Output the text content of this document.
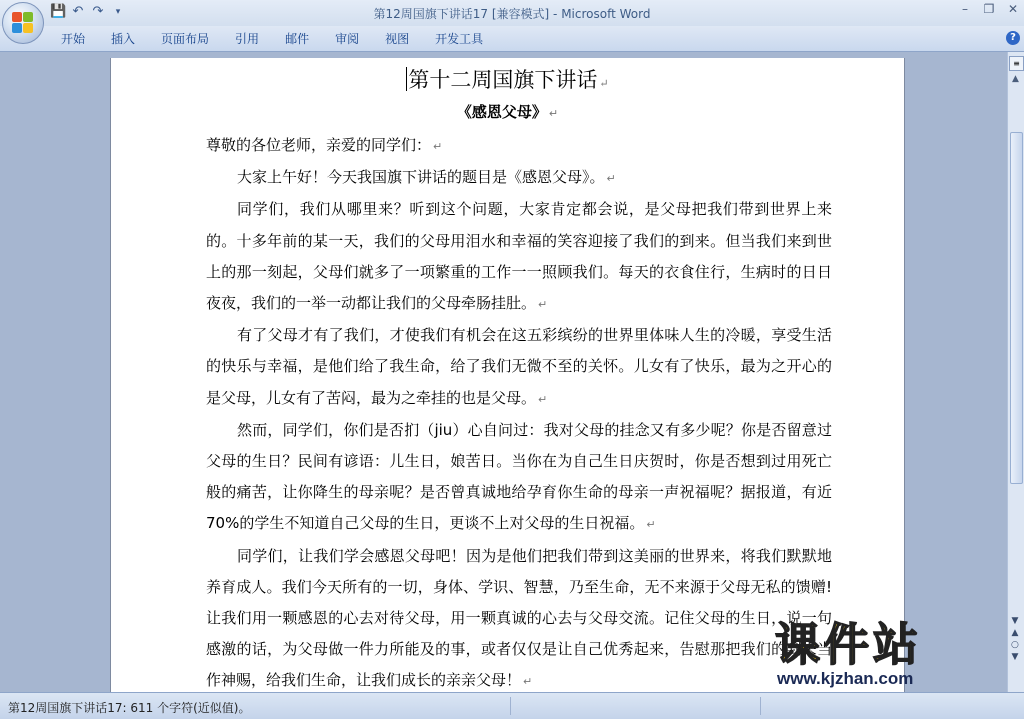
💾 ↶ ↷	▾	第12周国旗下讲话17 [兼容模式] - Microsoft Word	–	❐ ✕
开始	插入	页面布局	引用	邮件	审阅	视图	开发工具	?
第十二周国旗下讲话 ↵
《感恩父母》 ↵

尊敬的各位老师，亲爱的同学们： ↵

大家上午好！今天我国旗下讲话的题目是《感恩父母》。 ↵

同学们，我们从哪里来？听到这个问题，大家肯定都会说，是父母把我们带到世界上来的。十多年前的某一天，我们的父母用泪水和幸福的笑容迎接了我们的到来。但当我们来到世上的那一刻起，父母们就多了一项繁重的工作一一照顾我们。每天的衣食住行，生病时的日日夜夜，我们的一举一动都让我们的父母牵肠挂肚。 ↵

有了父母才有了我们，才使我们有机会在这五彩缤纷的世界里体味人生的冷暖，享受生活的快乐与幸福，是他们给了我生命，给了我们无微不至的关怀。儿女有了快乐，最为之开心的是父母，儿女有了苦闷，最为之牵挂的也是父母。 ↵

然而，同学们，你们是否扪（jiu）心自问过：我对父母的挂念又有多少呢？你是否留意过父母的生日？民间有谚语：儿生日，娘苦日。当你在为自己生日庆贺时，你是否想到过用死亡般的痛苦，让你降生的母亲呢？是否曾真诚地给孕育你生命的母亲一声祝福呢？据报道，有近 70%的学生不知道自己父母的生日，更谈不上对父母的生日祝福。 ↵

同学们，让我们学会感恩父母吧！因为是他们把我们带到这美丽的世界来，将我们默默地养育成人。我们今天所有的一切，身体、学识、智慧，乃至生命，无不来源于父母无私的馈赠!让我们用一颗感恩的心去对待父母，用一颗真诚的心去与父母交流。记住父母的生日，说一句感激的话，为父母做一件力所能及的事，或者仅仅是让自己优秀起来，告慰那把我们的到来当作神赐，给我们生命，让我们成长的亲亲父母！ ↵

≡
▲
▼
▲
○
▼
第12周国旗下讲话17: 611 个字符(近似值)。
课件站
www.kjzhan.com
